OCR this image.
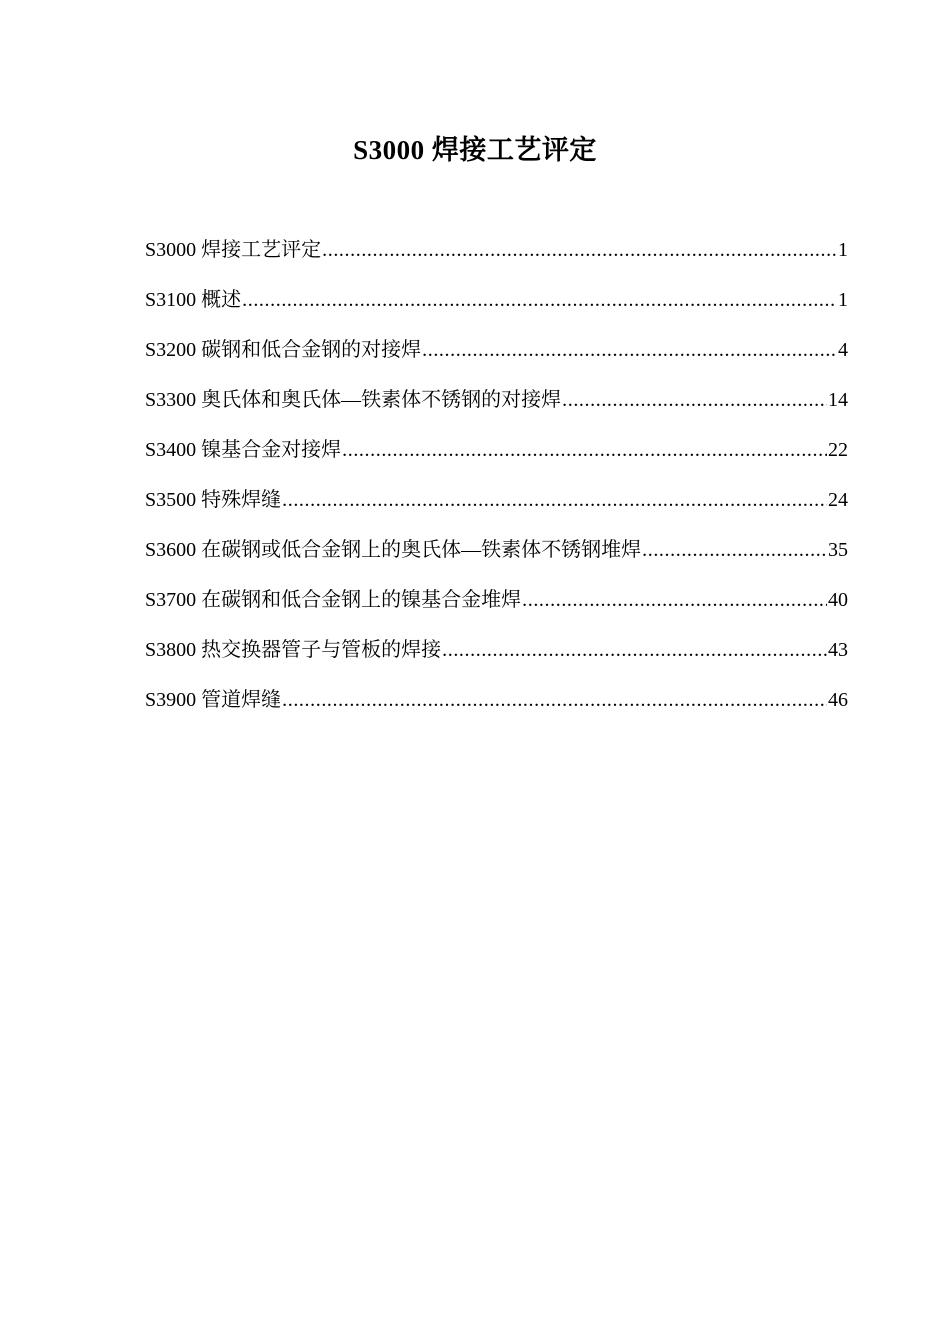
S3000 焊接工艺评定
S3000 焊接工艺评定 .....	1
S3100 概述 .....	1
S3200 碳钢和低合金钢的对接焊 .....	4
S3300 奥氏体和奥氏体—铁素体不锈钢的对接焊 .....	14
S3400 镍基合金对接焊 .....	22
S3500 特殊焊缝 .....	24
S3600 在碳钢或低合金钢上的奥氏体—铁素体不锈钢堆焊 .....	35
S3700 在碳钢和低合金钢上的镍基合金堆焊 .....	40
S3800 热交换器管子与管板的焊接 .....	43
S3900 管道焊缝 .....	46
